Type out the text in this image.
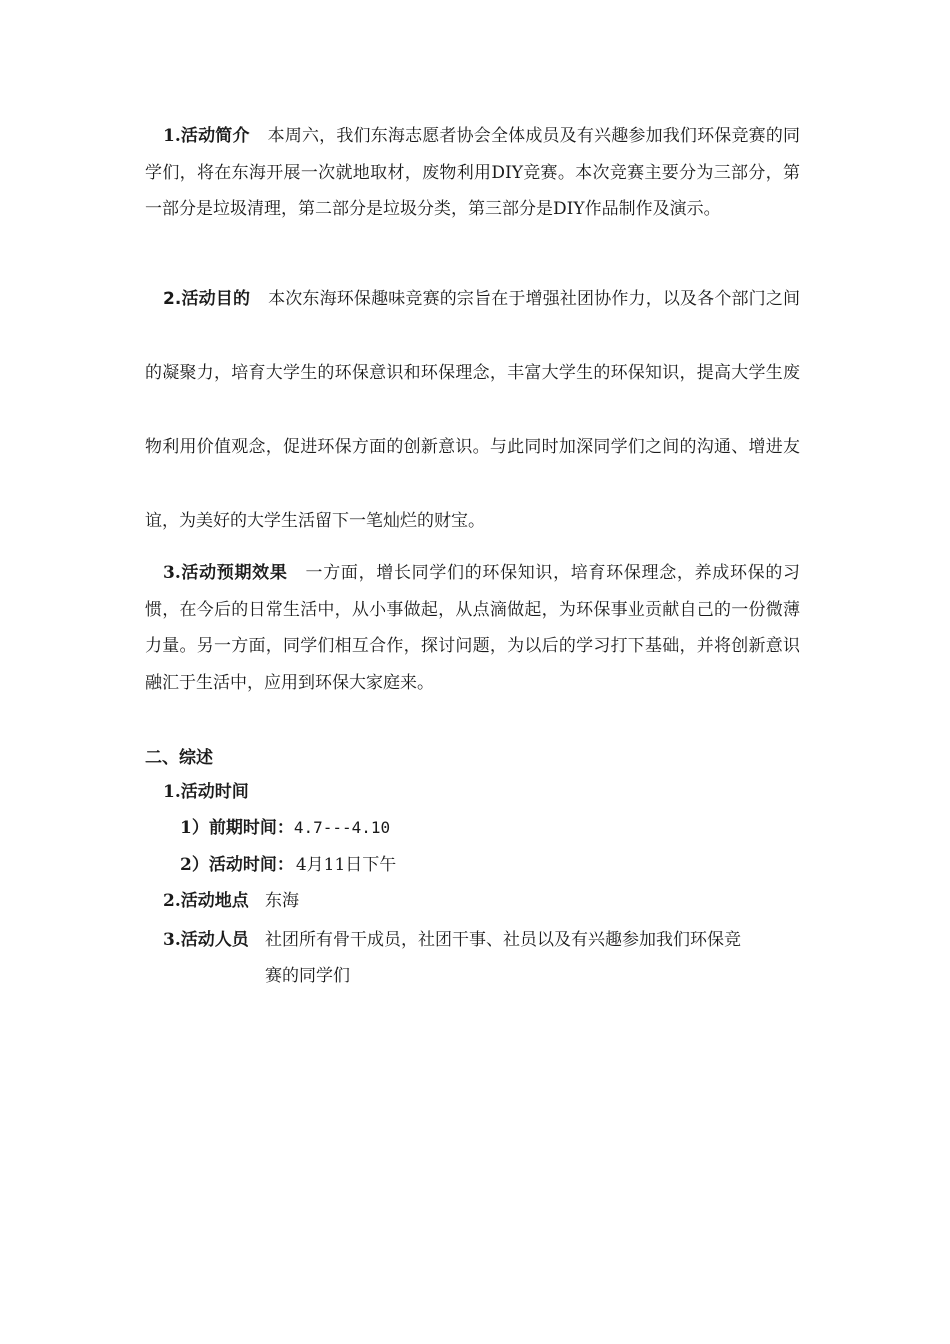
1.活动简介 本周六，我们东海志愿者协会全体成员及有兴趣参加我们环保竞赛的同学们，将在东海开展一次就地取材，废物利用DIY竞赛。本次竞赛主要分为三部分，第一部分是垃圾清理，第二部分是垃圾分类，第三部分是DIY作品制作及演示。
2.活动目的 本次东海环保趣味竞赛的宗旨在于增强社团协作力，以及各个部门之间的凝聚力，培育大学生的环保意识和环保理念，丰富大学生的环保知识，提高大学生废物利用价值观念，促进环保方面的创新意识。与此同时加深同学们之间的沟通、增进友谊，为美好的大学生活留下一笔灿烂的财宝。
3.活动预期效果 一方面，增长同学们的环保知识，培育环保理念，养成环保的习惯，在今后的日常生活中，从小事做起，从点滴做起，为环保事业贡献自己的一份微薄力量。另一方面，同学们相互合作，探讨问题，为以后的学习打下基础，并将创新意识融汇于生活中，应用到环保大家庭来。
二、综述
1.活动时间
1）前期时间：4.7---4.10
2）活动时间： 4月11日下午
2.活动地点 东海
3.活动人员 社团所有骨干成员，社团干事、社员以及有兴趣参加我们环保竞
赛的同学们
